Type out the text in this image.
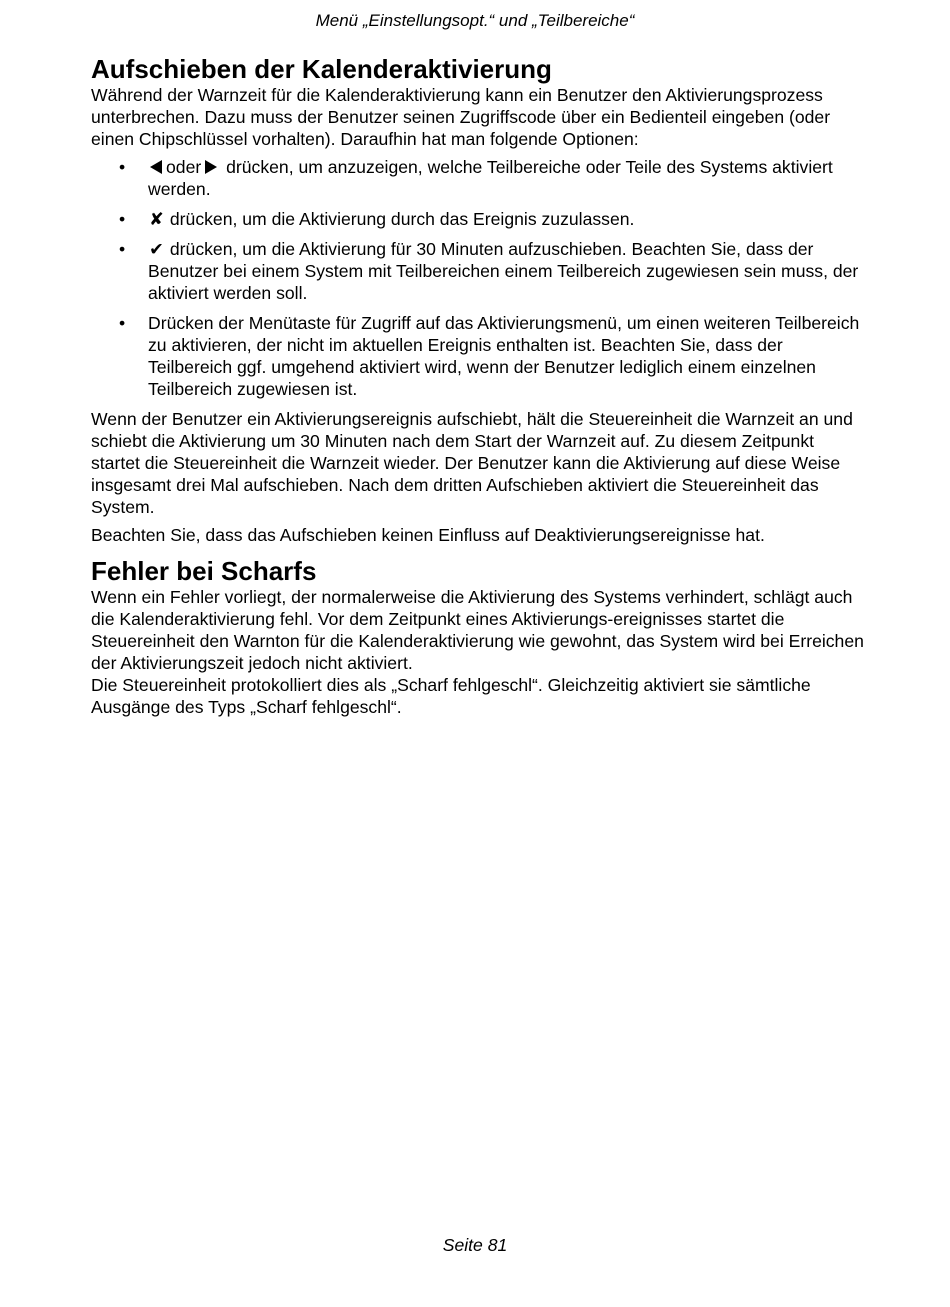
Menü „Einstellungsopt.“ und „Teilbereiche“
Aufschieben der Kalenderaktivierung

Während der Warnzeit für die Kalenderaktivierung kann ein Benutzer den Aktivierungsprozess unterbrechen. Dazu muss der Benutzer seinen Zugriffscode über ein Bedienteil eingeben (oder einen Chipschlüssel vorhalten). Daraufhin hat man folgende Optionen:

• oder drücken, um anzuzeigen, welche Teilbereiche oder Teile des Systems aktiviert werden.
• ✘ drücken, um die Aktivierung durch das Ereignis zuzulassen.
• ✔ drücken, um die Aktivierung für 30 Minuten aufzuschieben. Beachten Sie, dass der Benutzer bei einem System mit Teilbereichen einem Teilbereich zugewiesen sein muss, der aktiviert werden soll.
• Drücken der Menütaste für Zugriff auf das Aktivierungsmenü, um einen weiteren Teilbereich zu aktivieren, der nicht im aktuellen Ereignis enthalten ist. Beachten Sie, dass der Teilbereich ggf. umgehend aktiviert wird, wenn der Benutzer lediglich einem einzelnen Teilbereich zugewiesen ist.

Wenn der Benutzer ein Aktivierungsereignis aufschiebt, hält die Steuereinheit die Warnzeit an und schiebt die Aktivierung um 30 Minuten nach dem Start der Warnzeit auf. Zu diesem Zeitpunkt startet die Steuereinheit die Warnzeit wieder. Der Benutzer kann die Aktivierung auf diese Weise insgesamt drei Mal aufschieben. Nach dem dritten Aufschieben aktiviert die Steuereinheit das System.

Beachten Sie, dass das Aufschieben keinen Einfluss auf Deaktivierungsereignisse hat.

Fehler bei Scharfs

Wenn ein Fehler vorliegt, der normalerweise die Aktivierung des Systems verhindert, schlägt auch die Kalenderaktivierung fehl. Vor dem Zeitpunkt eines Aktivierungs-ereignisses startet die Steuereinheit den Warnton für die Kalenderaktivierung wie gewohnt, das System wird bei Erreichen der Aktivierungszeit jedoch nicht aktiviert.

Die Steuereinheit protokolliert dies als „Scharf fehlgeschl“. Gleichzeitig aktiviert sie sämtliche Ausgänge des Typs „Scharf fehlgeschl“.

Seite 81
